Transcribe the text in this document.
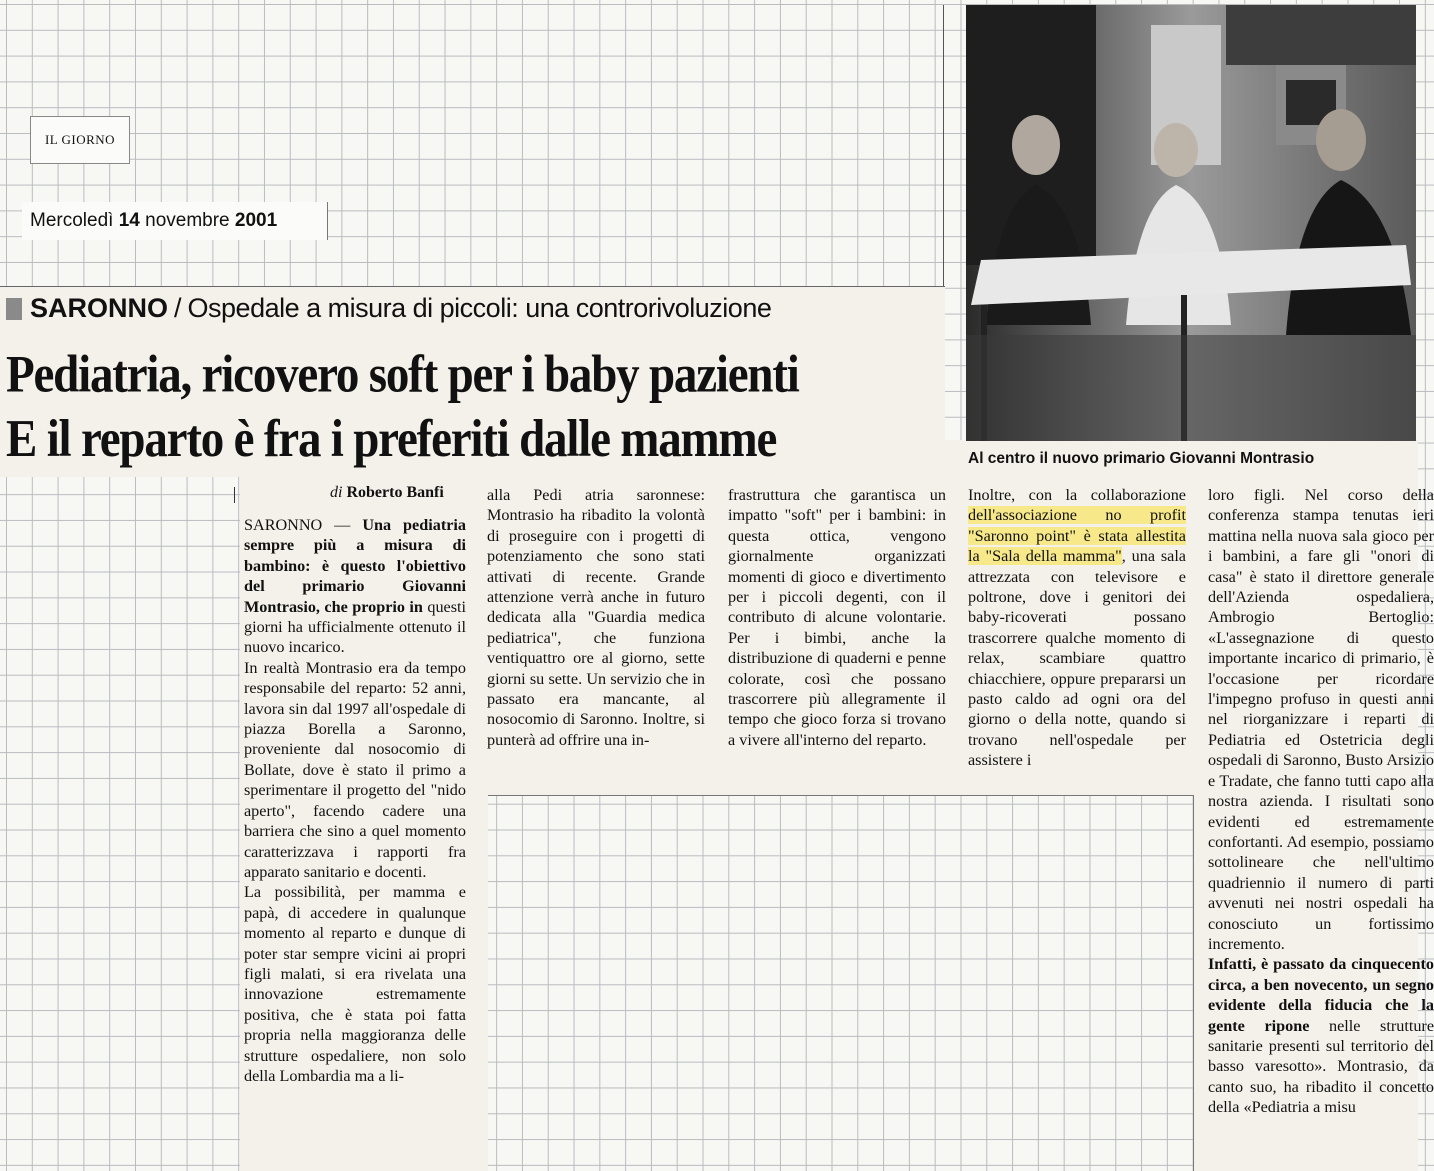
IL GIORNO
Mercoledì
14
novembre
2001
SARONNO / Ospedale a misura di piccoli: una controrivoluzione
Pediatria, ricovero soft per i baby pazienti
E il reparto è fra i preferiti dalle mamme	Al centro il nuovo primario Giovanni Montrasio
di Roberto Banfi

SARONNO — Una pediatria sempre più a misura di bambino: è questo l'obiettivo del primario Giovanni Montrasio, che proprio in questi giorni ha ufficialmente ottenuto il nuovo incarico.

In realtà Montrasio era da tempo responsabile del reparto: 52 anni, lavora sin dal 1997 all'ospedale di piazza Borella a Saronno, proveniente dal nosocomio di Bollate, dove è stato il primo a sperimentare il progetto del "nido aperto", facendo cadere una barriera che sino a quel momento caratterizzava i rapporti fra apparato sanitario e docenti.

La possibilità, per mamma e papà, di accedere in qualunque momento al reparto e dunque di poter star sempre vicini ai propri figli malati, si era rivelata una innovazione estremamente positiva, che è stata poi fatta propria nella maggioranza delle strutture ospedaliere, non solo della Lombardia ma a li-

alla Pedi atria saronnese: Montrasio ha ribadito la volontà di proseguire con i progetti di potenziamento che sono stati attivati di recente. Grande attenzione verrà anche in futuro dedicata alla "Guardia medica pediatrica", che funziona ventiquattro ore al giorno, sette giorni su sette. Un servizio che in passato era mancante, al nosocomio di Saronno. Inoltre, si punterà ad offrire una in-

frastruttura che garantisca un impatto "soft" per i bambini: in questa ottica, vengono giornalmente organizzati momenti di gioco e divertimento per i piccoli degenti, con il contributo di alcune volontarie. Per i bimbi, anche la distribuzione di quaderni e penne colorate, così che possano trascorrere più allegramente il tempo che gioco forza si trovano a vivere all'interno del reparto.

Inoltre, con la collaborazione dell'associazione no profit "Saronno point" è stata allestita la "Sala della mamma", una sala attrezzata con televisore e poltrone, dove i genitori dei baby-ricoverati possano trascorrere qualche momento di relax, scambiare quattro chiacchiere, oppure prepararsi un pasto caldo ad ogni ora del giorno o della notte, quando si trovano nell'ospedale per assistere i

loro figli. Nel corso della conferenza stampa tenutas ieri mattina nella nuova sala gioco per i bambini, a fare gli "onori di casa" è stato il direttore generale dell'Azienda ospedaliera, Ambrogio Bertoglio: «L'assegnazione di questo importante incarico di primario, è l'occasione per ricordare l'impegno profuso in questi anni nel riorganizzare i reparti di Pediatria ed Ostetricia degli ospedali di Saronno, Busto Arsizio e Tradate, che fanno tutti capo alla nostra azienda. I risultati sono evidenti ed estremamente confortanti. Ad esempio, possiamo sottolineare che nell'ultimo quadriennio il numero di parti avvenuti nei nostri ospedali ha conosciuto un fortissimo incremento.

Infatti, è passato da cinquecento circa, a ben novecento, un segno evidente della fiducia che la gente ripone nelle strutture sanitarie presenti sul territorio del basso varesotto». Montrasio, da canto suo, ha ribadito il concetto della «Pediatria a misu
